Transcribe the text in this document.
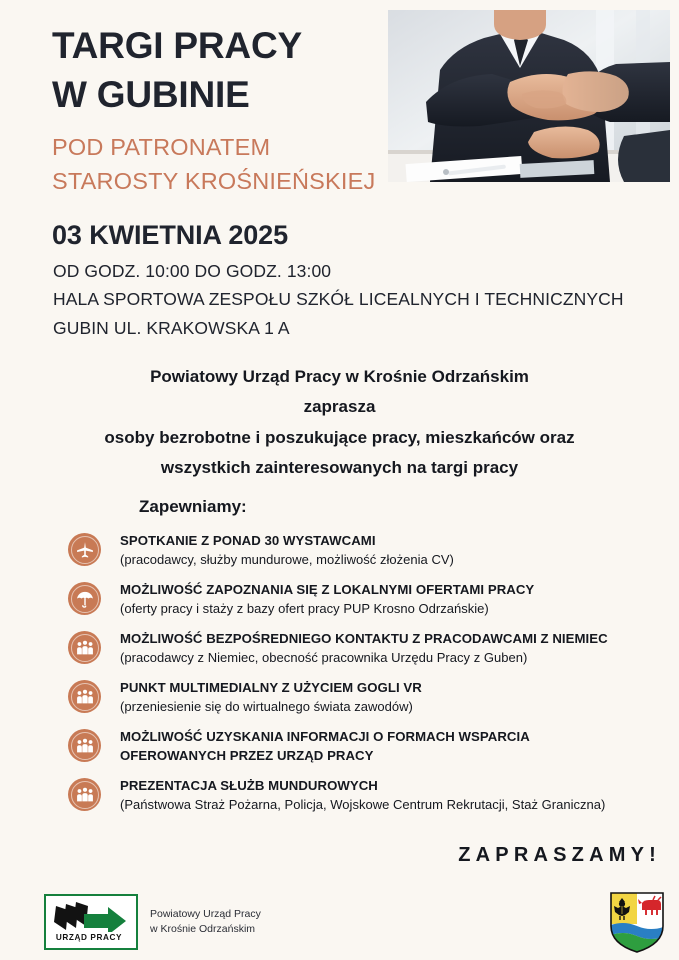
TARGI PRACY
W GUBINIE
POD PATRONATEM
STAROSTY KROŚNIEŃSKIEJ
03 KWIETNIA 2025
OD GODZ. 10:00 DO GODZ. 13:00
HALA SPORTOWA ZESPOŁU SZKÓŁ LICEALNYCH I TECHNICZNYCH
GUBIN UL. KRAKOWSKA 1 A
Powiatowy Urząd Pracy w Krośnie Odrzańskim
zaprasza
osoby bezrobotne i poszukujące pracy, mieszkańców oraz
wszystkich zainteresowanych na targi pracy
Zapewniamy:
SPOTKANIE Z PONAD 30 WYSTAWCAMI
(pracodawcy, służby mundurowe, możliwość złożenia CV)
MOŻLIWOŚĆ ZAPOZNANIA SIĘ Z LOKALNYMI OFERTAMI PRACY
(oferty pracy i staży z bazy ofert pracy PUP Krosno Odrzańskie)
MOŻLIWOŚĆ BEZPOŚREDNIEGO KONTAKTU Z PRACODAWCAMI Z NIEMIEC
(pracodawcy z Niemiec, obecność pracownika Urzędu Pracy z Guben)
PUNKT MULTIMEDIALNY Z UŻYCIEM GOGLI VR
(przeniesienie się do wirtualnego świata zawodów)
MOŻLIWOŚĆ UZYSKANIA INFORMACJI O FORMACH WSPARCIA
OFEROWANYCH PRZEZ URZĄD PRACY
PREZENTACJA SŁUŻB MUNDUROWYCH
(Państwowa Straż Pożarna, Policja, Wojskowe Centrum Rekrutacji, Staż Graniczna)
ZAPRASZAMY!
URZĄD PRACY
Powiatowy Urząd Pracy
w Krośnie Odrzańskim
